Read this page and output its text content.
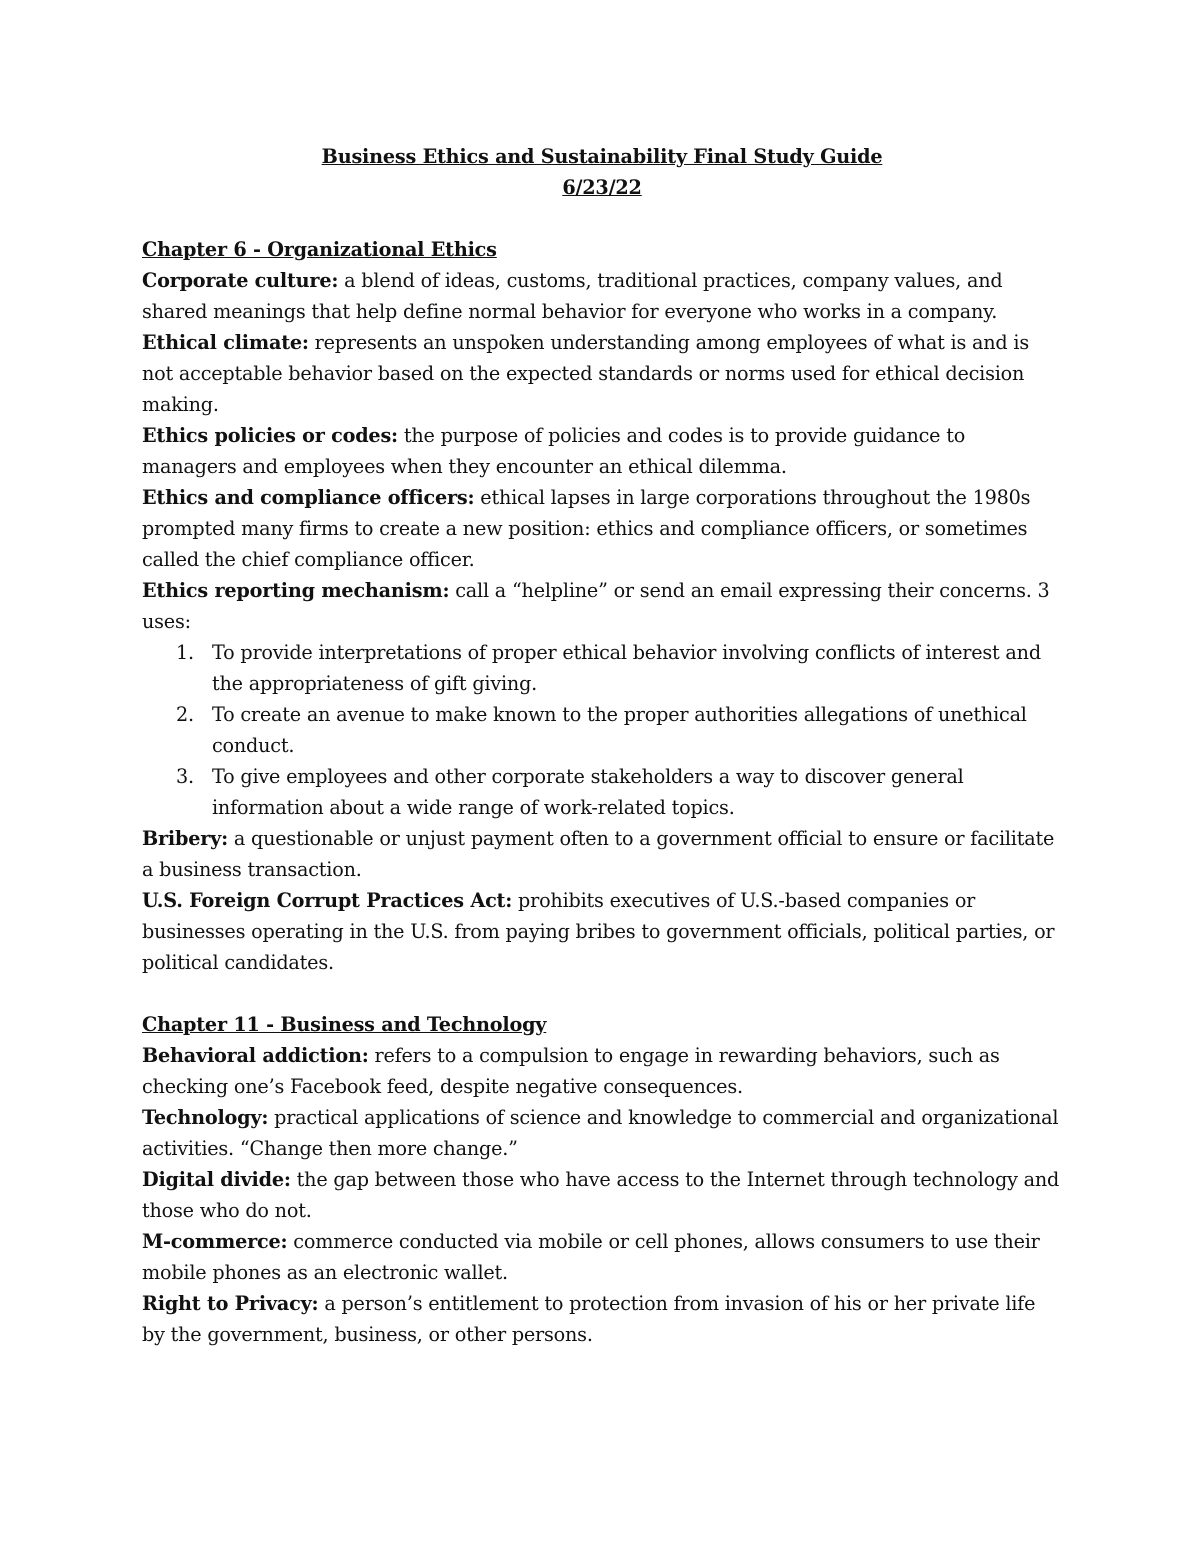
Business Ethics and Sustainability Final Study Guide

6/23/22

Chapter 6 - Organizational Ethics

Corporate culture: a blend of ideas, customs, traditional practices, company values, and shared meanings that help define normal behavior for everyone who works in a company.

Ethical climate: represents an unspoken understanding among employees of what is and is not acceptable behavior based on the expected standards or norms used for ethical decision making.

Ethics policies or codes: the purpose of policies and codes is to provide guidance to managers and employees when they encounter an ethical dilemma.

Ethics and compliance officers: ethical lapses in large corporations throughout the 1980s prompted many firms to create a new position: ethics and compliance officers, or sometimes called the chief compliance officer.

Ethics reporting mechanism: call a “helpline” or send an email expressing their concerns. 3 uses:

1. To provide interpretations of proper ethical behavior involving conflicts of interest and the appropriateness of gift giving.
2. To create an avenue to make known to the proper authorities allegations of unethical conduct.
3. To give employees and other corporate stakeholders a way to discover general information about a wide range of work-related topics.

Bribery: a questionable or unjust payment often to a government official to ensure or facilitate a business transaction.

U.S. Foreign Corrupt Practices Act: prohibits executives of U.S.-based companies or businesses operating in the U.S. from paying bribes to government officials, political parties, or political candidates.

Chapter 11 - Business and Technology

Behavioral addiction: refers to a compulsion to engage in rewarding behaviors, such as checking one’s Facebook feed, despite negative consequences.

Technology: practical applications of science and knowledge to commercial and organizational activities. “Change then more change.”

Digital divide: the gap between those who have access to the Internet through technology and those who do not.

M-commerce: commerce conducted via mobile or cell phones, allows consumers to use their mobile phones as an electronic wallet.

Right to Privacy: a person’s entitlement to protection from invasion of his or her private life by the government, business, or other persons.
